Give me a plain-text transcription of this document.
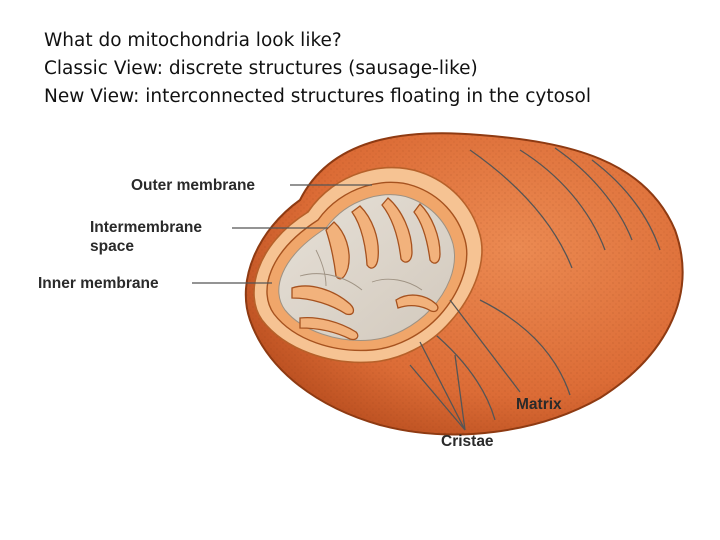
What do mitochondria look like?
Classic View: discrete structures (sausage-like)
New View: interconnected structures floating in the cytosol
Outer membrane
Intermembrane
space
Inner membrane
Matrix
Cristae
